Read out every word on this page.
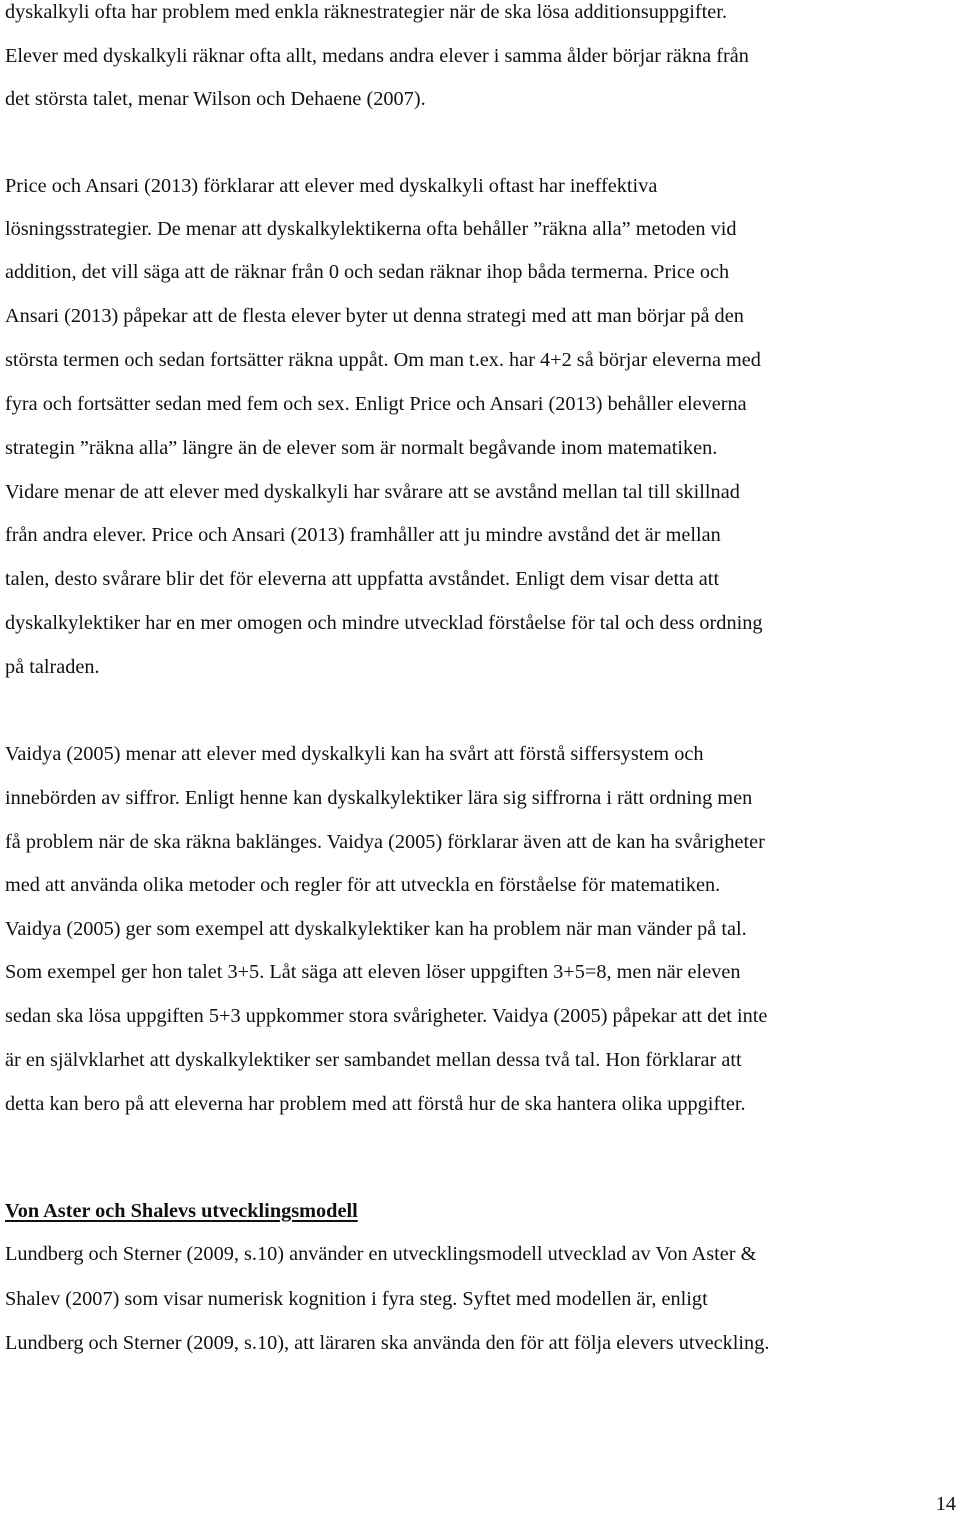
dyskalkyli ofta har problem med enkla räknestrategier när de ska lösa additionsuppgifter.
Elever med dyskalkyli räknar ofta allt, medans andra elever i samma ålder börjar räkna från
det största talet, menar Wilson och Dehaene (2007).
Price och Ansari (2013) förklarar att elever med dyskalkyli oftast har ineffektiva
lösningsstrategier. De menar att dyskalkylektikerna ofta behåller ”räkna alla” metoden vid
addition, det vill säga att de räknar från 0 och sedan räknar ihop båda termerna. Price och
Ansari (2013) påpekar att de flesta elever byter ut denna strategi med att man börjar på den
största termen och sedan fortsätter räkna uppåt. Om man t.ex. har 4+2 så börjar eleverna med
fyra och fortsätter sedan med fem och sex. Enligt Price och Ansari (2013) behåller eleverna
strategin ”räkna alla” längre än de elever som är normalt begåvande inom matematiken.
Vidare menar de att elever med dyskalkyli har svårare att se avstånd mellan tal till skillnad
från andra elever. Price och Ansari (2013) framhåller att ju mindre avstånd det är mellan
talen, desto svårare blir det för eleverna att uppfatta avståndet. Enligt dem visar detta att
dyskalkylektiker har en mer omogen och mindre utvecklad förståelse för tal och dess ordning
på talraden.
Vaidya (2005) menar att elever med dyskalkyli kan ha svårt att förstå siffersystem och
innebörden av siffror. Enligt henne kan dyskalkylektiker lära sig siffrorna i rätt ordning men
få problem när de ska räkna baklänges. Vaidya (2005) förklarar även att de kan ha svårigheter
med att använda olika metoder och regler för att utveckla en förståelse för matematiken.
Vaidya (2005) ger som exempel att dyskalkylektiker kan ha problem när man vänder på tal.
Som exempel ger hon talet 3+5. Låt säga att eleven löser uppgiften 3+5=8, men när eleven
sedan ska lösa uppgiften 5+3 uppkommer stora svårigheter. Vaidya (2005) påpekar att det inte
är en självklarhet att dyskalkylektiker ser sambandet mellan dessa två tal. Hon förklarar att
detta kan bero på att eleverna har problem med att förstå hur de ska hantera olika uppgifter.
Von Aster och Shalevs utvecklingsmodell
Lundberg och Sterner (2009, s.10) använder en utvecklingsmodell utvecklad av Von Aster &
Shalev (2007) som visar numerisk kognition i fyra steg. Syftet med modellen är, enligt
Lundberg och Sterner (2009, s.10), att läraren ska använda den för att följa elevers utveckling.
14
